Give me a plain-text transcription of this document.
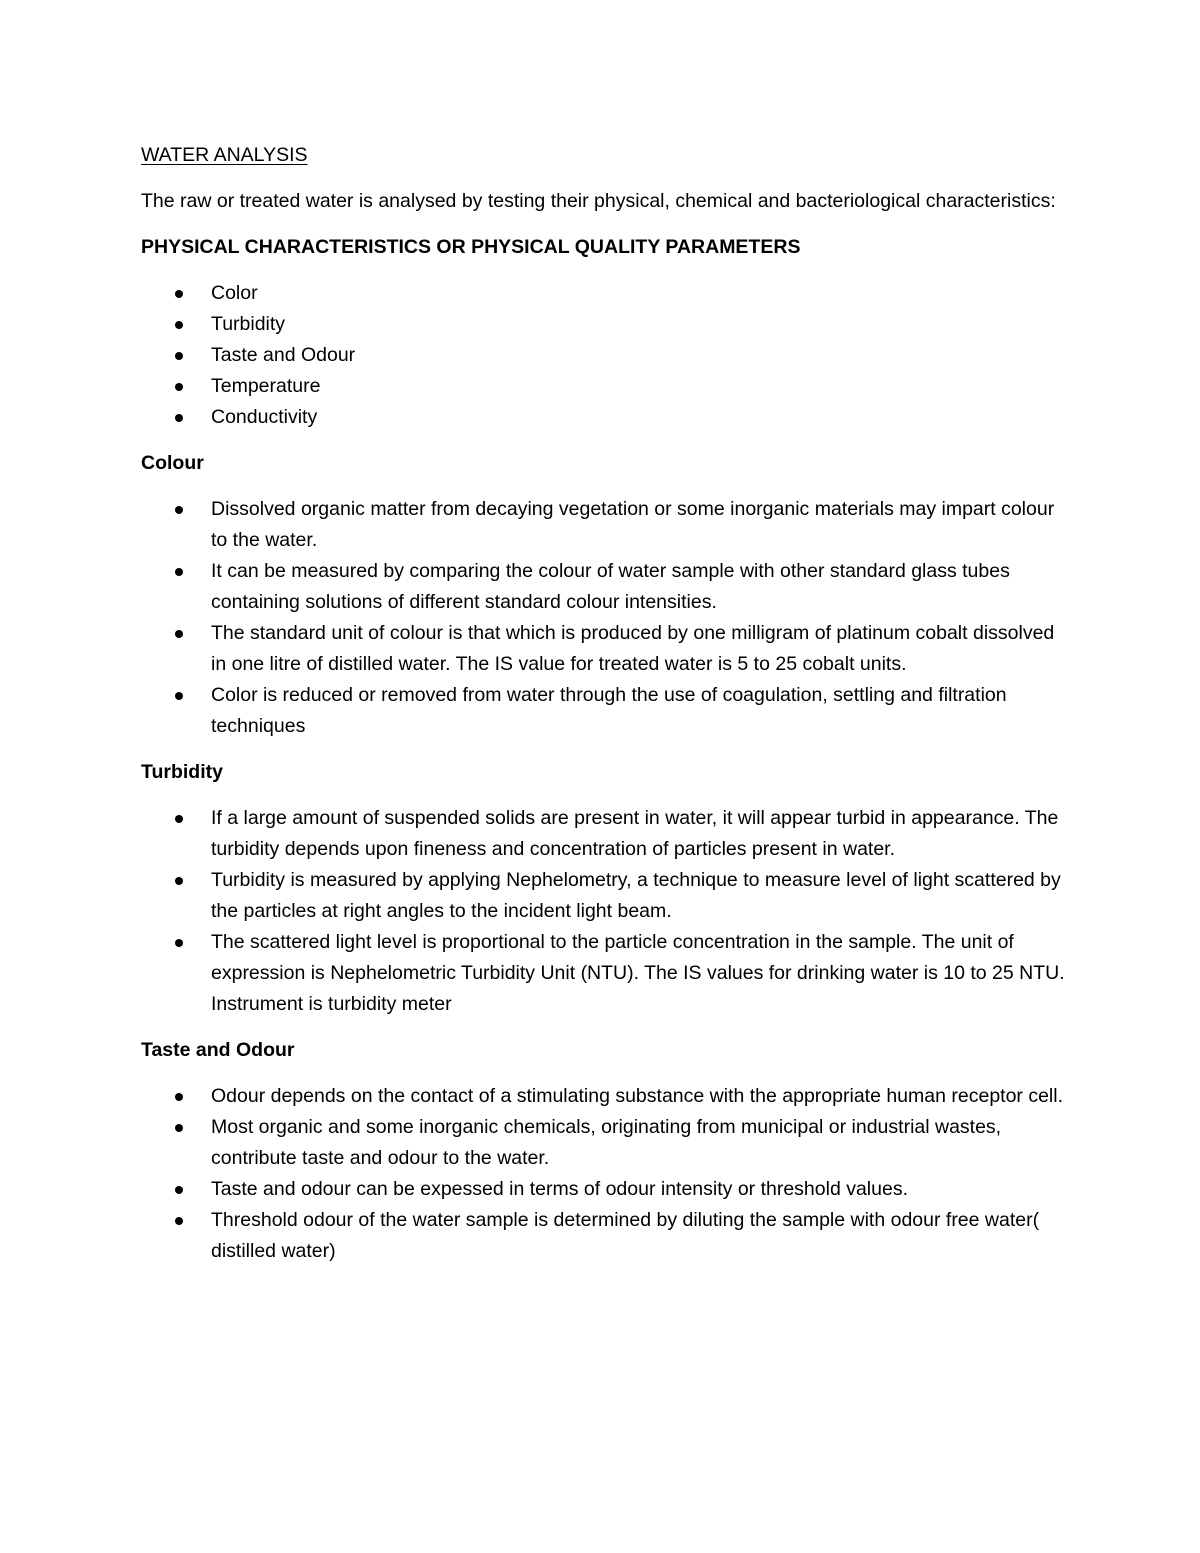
WATER ANALYSIS
The raw or treated water is analysed by testing their physical, chemical and bacteriological characteristics:
PHYSICAL CHARACTERISTICS OR PHYSICAL QUALITY PARAMETERS
Color
Turbidity
Taste and Odour
Temperature
Conductivity
Colour
Dissolved organic matter from decaying vegetation or some inorganic materials may impart colour to the water.
It can be measured by comparing the colour of water sample with other standard glass tubes containing solutions of different standard colour intensities.
The standard unit of colour is that which is produced by one milligram of platinum cobalt dissolved in one litre of distilled water. The IS value for treated water is 5 to 25 cobalt units.
Color is reduced or removed from water through the use of coagulation, settling and filtration techniques
Turbidity
If a large amount of suspended solids are present in water, it will appear turbid in appearance. The turbidity depends upon fineness and concentration of particles present in water.
Turbidity is measured by applying Nephelometry, a technique to measure level of light scattered by the particles at right angles to the incident light beam.
The scattered light level is proportional to the particle concentration in the sample. The unit of expression is Nephelometric Turbidity Unit (NTU). The IS values for drinking water is 10 to 25 NTU. Instrument is turbidity meter
Taste and Odour
Odour depends on the contact of a stimulating substance with the appropriate human receptor cell.
Most organic and some inorganic chemicals, originating from municipal or industrial wastes, contribute taste and odour to the water.
Taste and odour can be expessed in terms of odour intensity or threshold values.
Threshold odour of the water sample is determined by diluting the sample with odour free water( distilled water)
